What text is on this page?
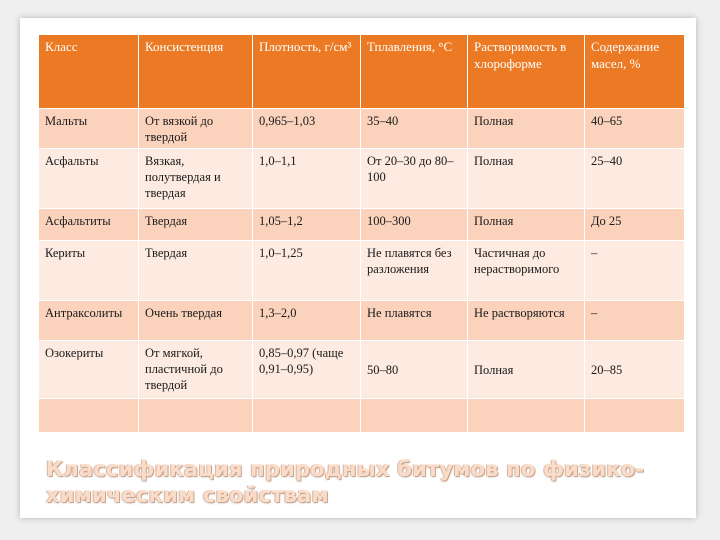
Класс	Консистенция	Плотность, г/см³	Тплавления, °С	Растворимость в хлороформе	Содержание масел, %
Мальты	От вязкой до твердой	0,965–1,03	35–40	Полная	40–65
Асфальты	Вязкая, полутвердая и твердая	1,0–1,1	От 20–30 до 80–100	Полная	25–40
Асфальтиты	Твердая	1,05–1,2	100–300	Полная	До 25
Кериты	Твердая	1,0–1,25	Не плавятся без разложения	Частичная до нерастворимого	–
Антраксолиты	Очень твердая	1,3–2,0	Не плавятся	Не растворяются	–
Озокериты	От мягкой, пластичной до твердой	0,85–0,97 (чаще 0,91–0,95)	50–80	Полная	20–85

Классификация природных битумов по физико-химическим свойствам
